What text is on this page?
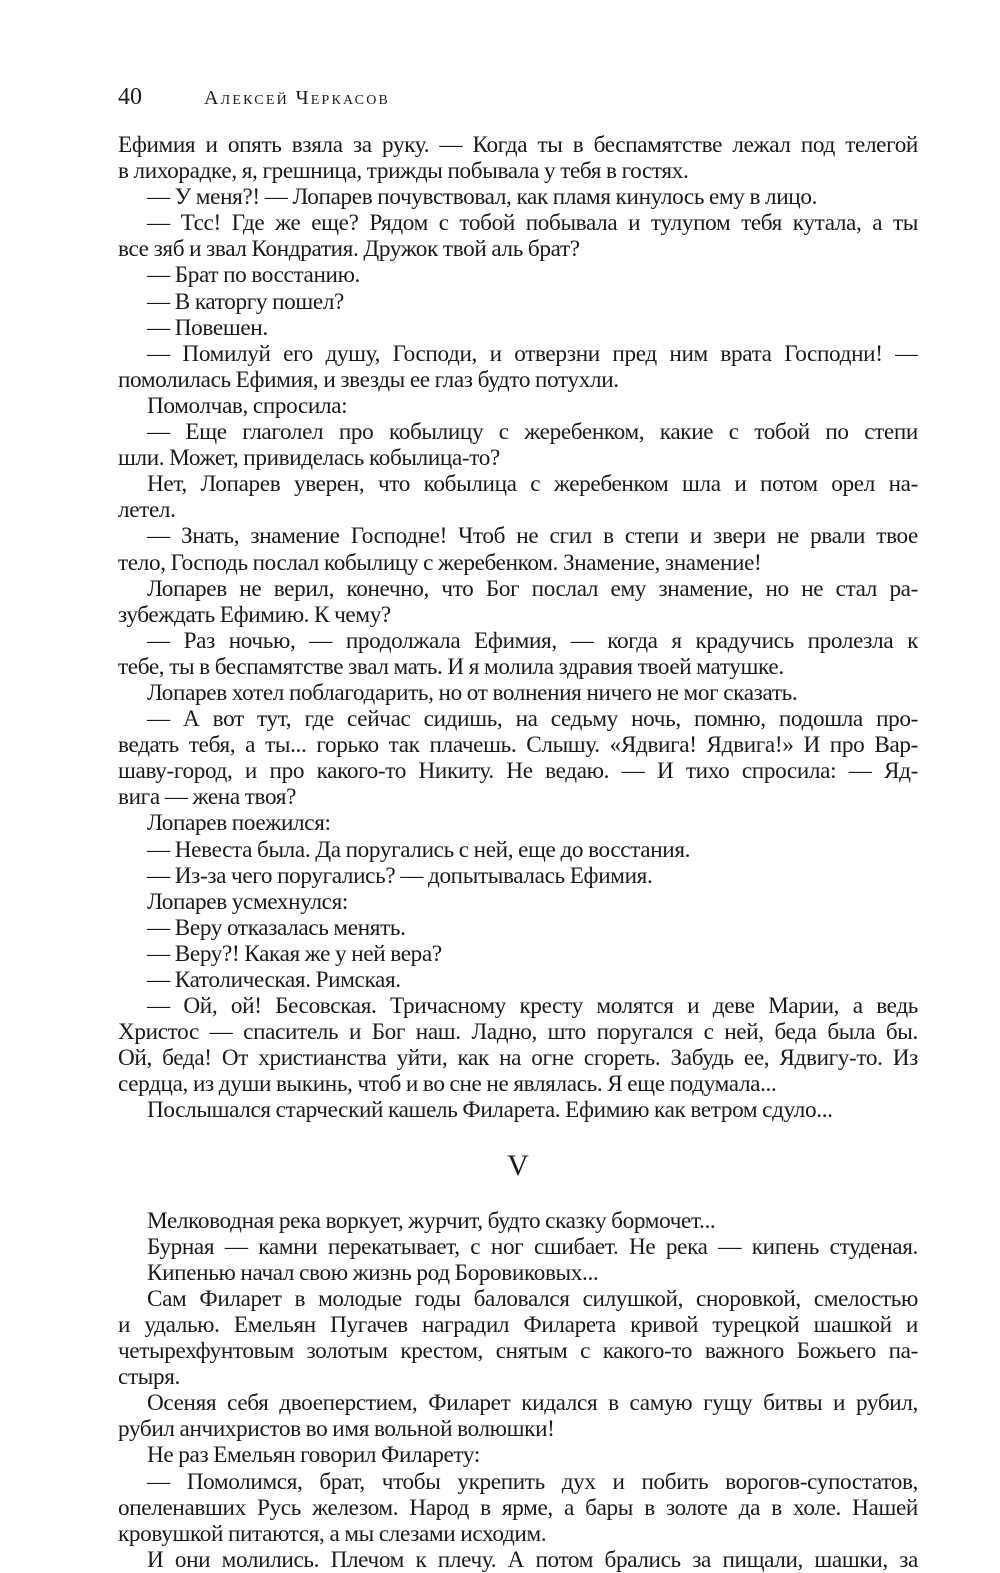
40	Алексей Черкасов
Ефимия и опять взяла за руку. — Когда ты в беспамятстве лежал под телегой
в лихорадке, я, грешница, трижды побывала у тебя в гостях.
— У меня?! — Лопарев почувствовал, как пламя кинулось ему в лицо.
— Тсс! Где же еще? Рядом с тобой побывала и тулупом тебя кутала, а ты
все зяб и звал Кондратия. Дружок твой аль брат?
— Брат по восстанию.
— В каторгу пошел?
— Повешен.
— Помилуй его душу, Господи, и отверзни пред ним врата Господни! —
помолилась Ефимия, и звезды ее глаз будто потухли.
Помолчав, спросила:
— Еще глаголел про кобылицу с жеребенком, какие с тобой по степи
шли. Может, привиделась кобылица-то?
Нет, Лопарев уверен, что кобылица с жеребенком шла и потом орел на-
летел.
— Знать, знамение Господне! Чтоб не сгил в степи и звери не рвали твое
тело, Господь послал кобылицу с жеребенком. Знамение, знамение!
Лопарев не верил, конечно, что Бог послал ему знамение, но не стал ра-
зубеждать Ефимию. К чему?
— Раз ночью, — продолжала Ефимия, — когда я крадучись пролезла к
тебе, ты в беспамятстве звал мать. И я молила здравия твоей матушке.
Лопарев хотел поблагодарить, но от волнения ничего не мог сказать.
— А вот тут, где сейчас сидишь, на седьму ночь, помню, подошла про-
ведать тебя, а ты... горько так плачешь. Слышу. «Ядвига! Ядвига!» И про Вар-
шаву-город, и про какого-то Никиту. Не ведаю. — И тихо спросила: — Яд-
вига — жена твоя?
Лопарев поежился:
— Невеста была. Да поругались с ней, еще до восстания.
— Из-за чего поругались? — допытывалась Ефимия.
Лопарев усмехнулся:
— Веру отказалась менять.
— Веру?! Какая же у ней вера?
— Католическая. Римская.
— Ой, ой! Бесовская. Тричасному кресту молятся и деве Марии, а ведь
Христос — спаситель и Бог наш. Ладно, што поругался с ней, беда была бы.
Ой, беда! От христианства уйти, как на огне сгореть. Забудь ее, Ядвигу-то. Из
сердца, из души выкинь, чтоб и во сне не являлась. Я еще подумала...
Послышался старческий кашель Филарета. Ефимию как ветром сдуло...
V
Мелководная река воркует, журчит, будто сказку бормочет...
Бурная — камни перекатывает, с ног сшибает. Не река — кипень студеная.
Кипенью начал свою жизнь род Боровиковых...
Сам Филарет в молодые годы баловался силушкой, сноровкой, смелостью
и удалью. Емельян Пугачев наградил Филарета кривой турецкой шашкой и
четырехфунтовым золотым крестом, снятым с какого-то важного Божьего па-
стыря.
Осеняя себя двоеперстием, Филарет кидался в самую гущу битвы и рубил,
рубил анчихристов во имя вольной волюшки!
Не раз Емельян говорил Филарету:
— Помолимся, брат, чтобы укрепить дух и побить ворогов-супостатов,
опеленавших Русь железом. Народ в ярме, а бары в золоте да в холе. Нашей
кровушкой питаются, а мы слезами исходим.
И они молились. Плечом к плечу. А потом брались за пищали, шашки, за
